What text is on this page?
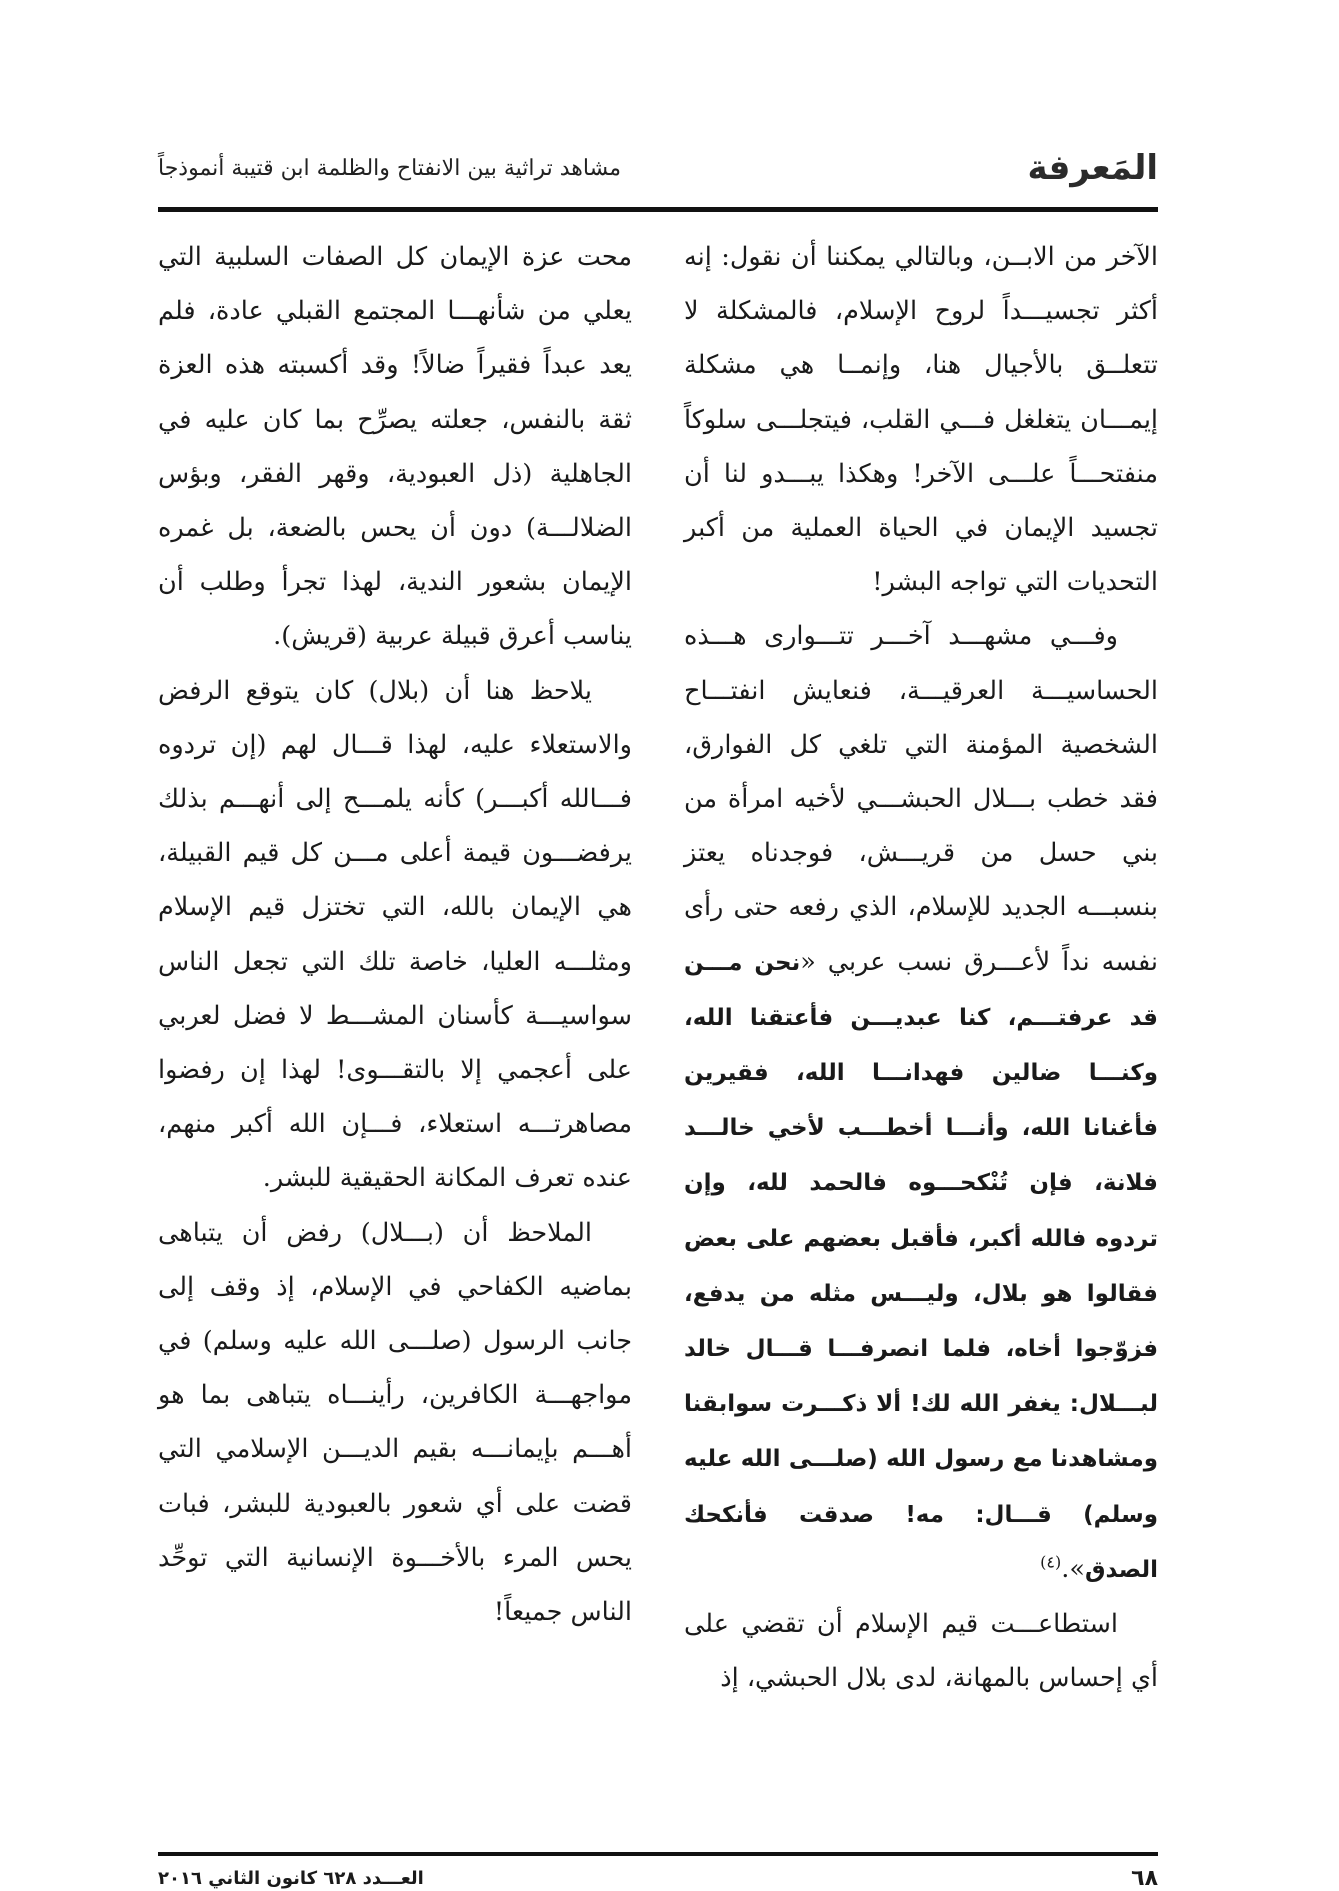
المَعرفة
مشاهد تراثية بين الانفتاح والظلمة ابن قتيبة أنموذجاً

الآخر من الابــن، وبالتالي يمكننا أن نقول: إنه أكثر تجسيـــداً لروح الإسلام، فالمشكلة لا تتعلــق بالأجيال هنا، وإنمــا هي مشكلة إيمـــان يتغلغل فـــي القلب، فيتجلـــى سلوكاً منفتحـــاً علـــى الآخر! وهكذا يبـــدو لنا أن تجسيد الإيمان في الحياة العملية من أكبر التحديات التي تواجه البشر!

وفـــي مشهـــد آخـــر تتـــوارى هـــذه الحساسيـــة العرقيـــة، فنعايش انفتـــاح الشخصية المؤمنة التي تلغي كل الفوارق، فقد خطب بـــلال الحبشـــي لأخيه امرأة من بني حسل من قريـــش، فوجدناه يعتز بنسبـــه الجديد للإسلام، الذي رفعه حتى رأى نفسه نداً لأعـــرق نسب عربي «نحن مـــن قد عرفتـــم، كنا عبديـــن فأعتقنا الله، وكنـــا ضالين فهدانـــا الله، فقيرين فأغنانا الله، وأنـــا أخطـــب لأخي خالـــد فلانة، فإن تُنْكحـــوه فالحمد لله، وإن تردوه فالله أكبر، فأقبل بعضهم على بعض فقالوا هو بلال، وليـــس مثله من يدفع، فزوّجوا أخاه، فلما انصرفـــا قـــال خالد لبـــلال: يغفر الله لك! ألا ذكـــرت سوابقنا ومشاهدنا مع رسول الله (صلـــى الله عليه وسلم) قـــال: مه! صدقت فأنكحك الصدق».$^{(٤)}$

استطاعـــت قيم الإسلام أن تقضي على أي إحساس بالمهانة، لدى بلال الحبشي، إذ

محت عزة الإيمان كل الصفات السلبية التي يعلي من شأنهـــا المجتمع القبلي عادة، فلم يعد عبداً فقيراً ضالاً! وقد أكسبته هذه العزة ثقة بالنفس، جعلته يصرِّح بما كان عليه في الجاهلية (ذل العبودية، وقهر الفقر، وبؤس الضلالـــة) دون أن يحس بالضعة، بل غمره الإيمان بشعور الندية، لهذا تجرأ وطلب أن يناسب أعرق قبيلة عربية (قريش).

يلاحظ هنا أن (بلال) كان يتوقع الرفض والاستعلاء عليه، لهذا قـــال لهم (إن تردوه فـــالله أكبـــر) كأنه يلمـــح إلى أنهـــم بذلك يرفضـــون قيمة أعلى مـــن كل قيم القبيلة، هي الإيمان بالله، التي تختزل قيم الإسلام ومثلـــه العليا، خاصة تلك التي تجعل الناس سواسيـــة كأسنان المشـــط لا فضل لعربي على أعجمي إلا بالتقـــوى! لهذا إن رفضوا مصاهرتـــه استعلاء، فـــإن الله أكبر منهم، عنده تعرف المكانة الحقيقية للبشر.

الملاحظ أن (بـــلال) رفض أن يتباهى بماضيه الكفاحي في الإسلام، إذ وقف إلى جانب الرسول (صلـــى الله عليه وسلم) في مواجهـــة الكافرين، رأينـــاه يتباهى بما هو أهـــم بإيمانـــه بقيم الديـــن الإسلامي التي قضت على أي شعور بالعبودية للبشر، فبات يحس المرء بالأخـــوة الإنسانية التي توحِّد الناس جميعاً!

٦٨
العـــدد ٦٢٨ كانون الثاني ٢٠١٦
